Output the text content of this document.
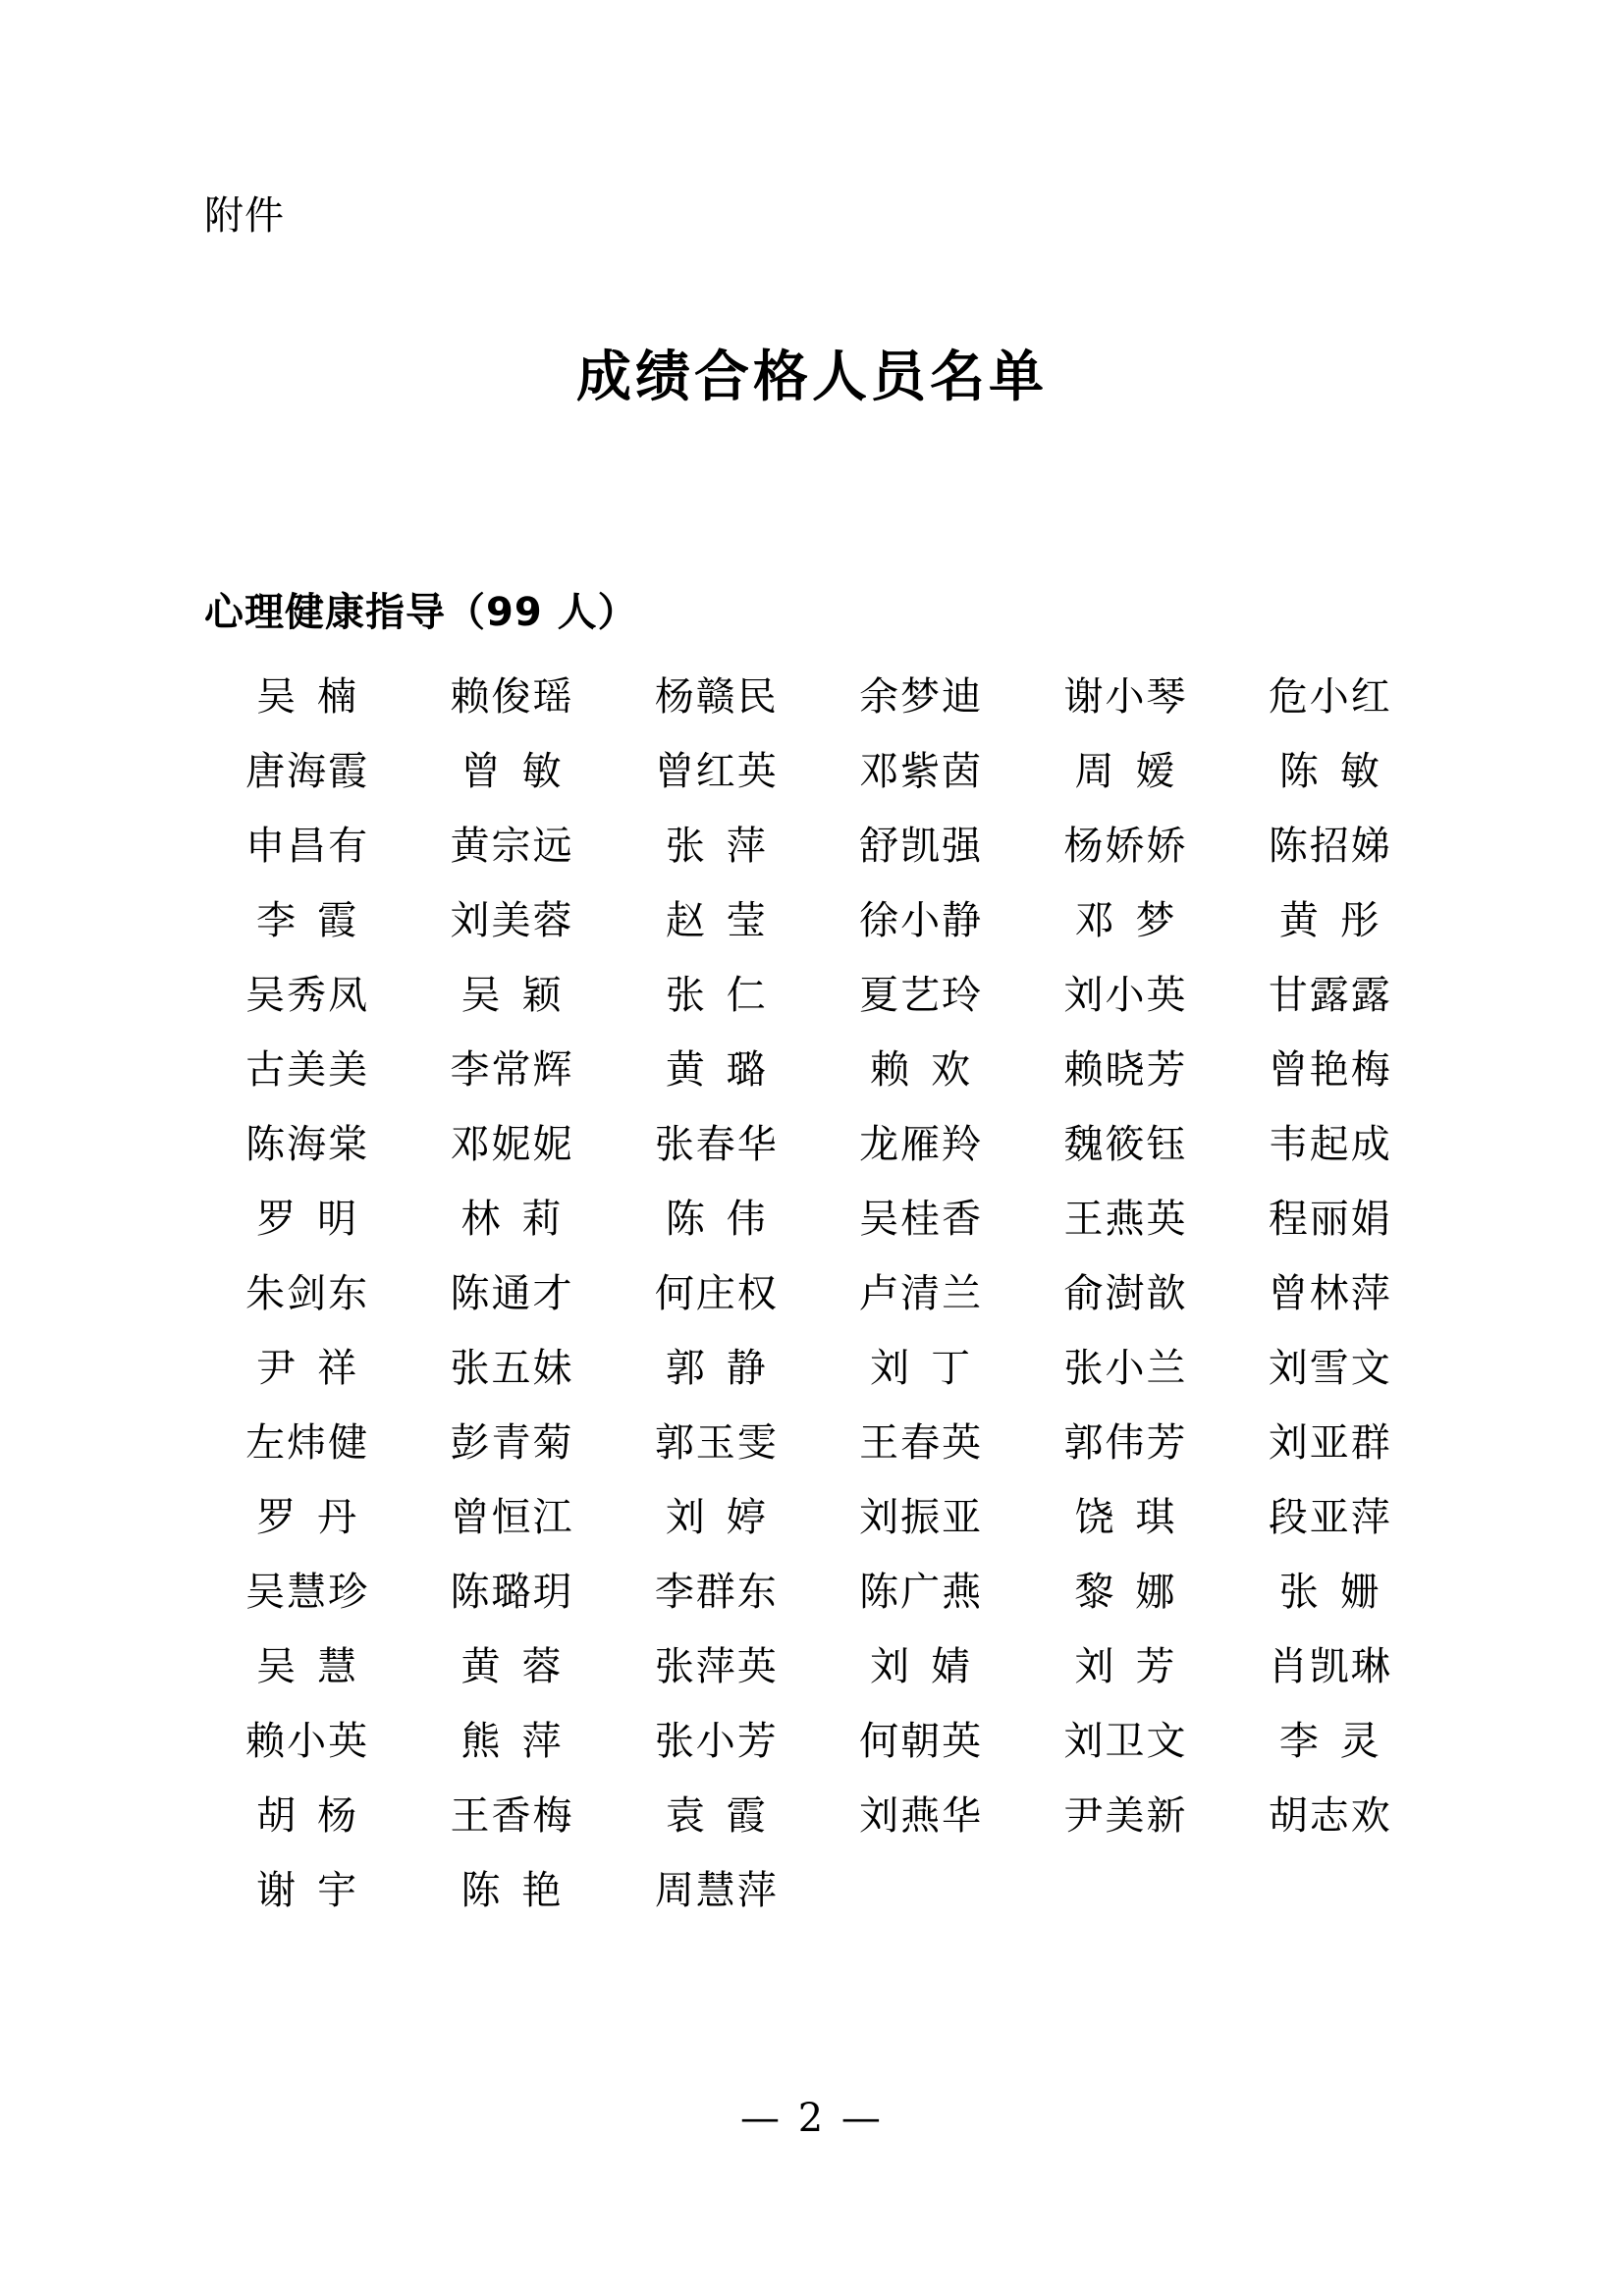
附件
成绩合格人员名单
心理健康指导（99 人）
吴楠	赖俊瑶	杨赣民	余梦迪	谢小琴	危小红
唐海霞	曾敏	曾红英	邓紫茵	周嫒	陈敏
申昌有	黄宗远	张萍	舒凯强	杨娇娇	陈招娣
李霞	刘美蓉	赵莹	徐小静	邓梦	黄彤
吴秀凤	吴颖	张仁	夏艺玲	刘小英	甘露露
古美美	李常辉	黄璐	赖欢	赖晓芳	曾艳梅
陈海棠	邓妮妮	张春华	龙雁羚	魏筱钰	韦起成
罗明	林莉	陈伟	吴桂香	王燕英	程丽娟
朱剑东	陈通才	何庄权	卢清兰	俞澍歆	曾林萍
尹祥	张五妹	郭静	刘丁	张小兰	刘雪文
左炜健	彭青菊	郭玉雯	王春英	郭伟芳	刘亚群
罗丹	曾恒江	刘婷	刘振亚	饶琪	段亚萍
吴慧珍	陈璐玥	李群东	陈广燕	黎娜	张姗
吴慧	黄蓉	张萍英	刘婧	刘芳	肖凯琳
赖小英	熊萍	张小芳	何朝英	刘卫文	李灵
胡杨	王香梅	袁霞	刘燕华	尹美新	胡志欢
谢宇	陈艳	周慧萍
— 2 —
